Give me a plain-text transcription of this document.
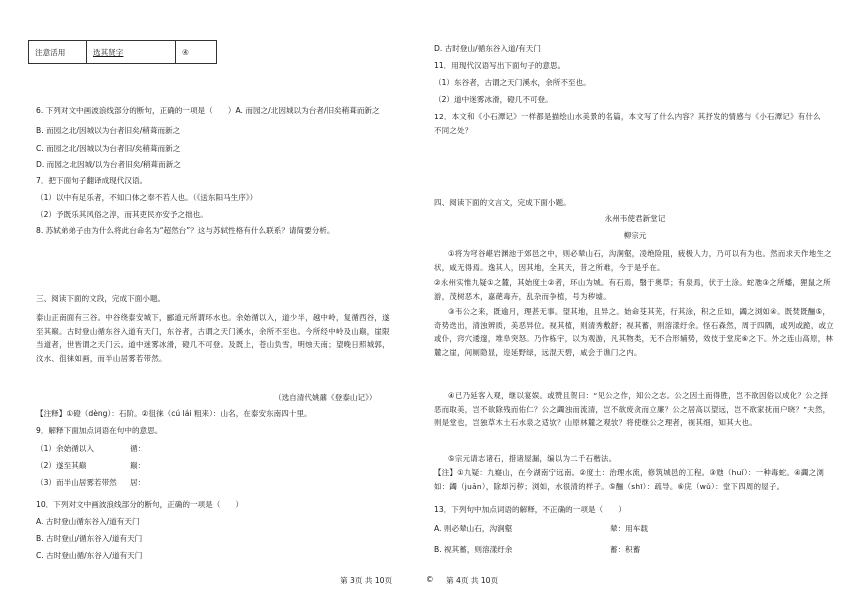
注意活用	选其贤字	④
6. 下列对文中画波浪线部分的断句，正确的一项是（　　）A. 而园之/北因城以为台者/旧矣稍葺而新之
B. 而园之北/因城以为台者旧矣/稍葺而新之
C. 而园之北/因城以为台者旧/矣稍葺而新之
D. 而园之北因城/以为台者旧矣/稍葺而新之
7．把下面句子翻译成现代汉语。
（1）以中有足乐者，不知口体之奉不若人也。（《送东阳马生序》）
（2）予既乐其风俗之淳，而其吏民亦安予之拙也。
8. 苏轼弟弟子由为什么将此台命名为“超然台”？这与苏轼性格有什么联系？请简要分析。
三、阅读下面的文段，完成下面小题。
泰山正南面有三谷。中谷绕泰安城下，郦道元所谓环水也。余始循以入，道少半，越中岭，复循西谷，遂至其巅。古时登山循东谷入道有天门，东谷者，古谓之天门溪水，余所不至也。今所经中岭及山巅，崖限当道者，世皆谓之天门云。道中迷雾冰滑，磴几不可登。及既上，苍山负雪，明烛天南；望晚日照城郭，汶水、徂徕如画，而半山居雾若带然。
（选自清代姚鼐《登泰山记》）
【注释】①磴（dèng）：石阶。②徂徕（cú lái 粗来）：山名，在泰安东南四十里。
9．解释下面加点词语在句中的意思。
（1）余始循以入	循：
（2）遂至其巅	巅：
（3）而半山居雾若带然 居：
10．下列对文中画波浪线部分的断句，正确的一项是（　　）
A. 古时登山循东谷入/道有天门
B. 古时登山/循东谷入/道有天门
C. 古时登山循/东谷入/道有天门
第 3页 共 10页	©
D. 古时登山/循东谷入道/有天门
11．用现代汉语写出下面句子的意思。
（1）东谷者，古谓之天门溪水，余所不至也。
（2）道中迷雾冰滑，磴几不可登。
12．本文和《小石潭记》一样都是描绘山水美景的名篇，本文写了什么内容？其抒发的情感与《小石潭记》有什么不同之处？
四、阅读下面的文言文，完成下面小题。
永州韦使君新堂记
柳宗元
①将为穹谷嵁岩渊池于郊邑之中，则必辇山石，沟涧壑，凌绝险阻，疲极人力，乃可以有为也。然而求天作地生之状，咸无得焉。逸其人，因其地，全其天，昔之所难，今于是乎在。
②永州实惟九疑①之麓，其始度土②者，环山为城。有石焉，翳于奥草；有泉焉，伏于土涂。蛇虺③之所蟠，狸鼠之所游，茂树恶木，嘉葩毒卉，乱杂而争植，号为秽墟。
③韦公之来，既逾月，理甚无事。望其地，且异之。始命芟其芜，行其涂，积之丘如，蠲之浏如④。既焚既酾⑤，奇势迭出，清浊辨质，美恶异位。视其植，则清秀敷舒；视其蓄，则溶漾纡余。怪石森然，周于四隅，或列或跪，或立或仆，窍穴逶邃，堆阜突怒。乃作栋宇，以为观游，凡其物类，无不合形辅势，效伎于堂庑⑥之下。外之连山高原，林麓之崖，间厕隐显，迩延野绿，远混天碧，咸会于谯门之内。
④已乃延客入观，继以宴娱。或赞且贺曰：“见公之作，知公之志。公之因土而得胜，岂不欲因俗以成化？公之择恶而取美，岂不欲除残而佑仁？公之蠲浊而流清，岂不欲废贪而立廉？公之居高以望远，岂不欲家抚而户晓？”夫然，则是堂也，岂独草木土石水泉之适欤？山原林麓之观欤？将使继公之理者，视其细，知其大也。
⑤宗元请志诸石，措诸屋漏，编以为二千石楷法。
【注】①九疑：九嶷山，在今湖南宁远南。②度土：治理水流，修筑城邑的工程。③虺（huǐ）：一种毒蛇。④蠲之浏如：蠲（juān），除却污秽；浏如，水很清的样子。⑤酾（shī）：疏导。⑥庑（wǔ）：堂下四周的屋子。
13．下列句中加点词语的解释，不正确的一项是（　　）
A. 则必辇山石，沟涧壑	辇：用车载
B. 视其蓄，则溶漾纡余	蓄：积蓄
第 4页 共 10页
